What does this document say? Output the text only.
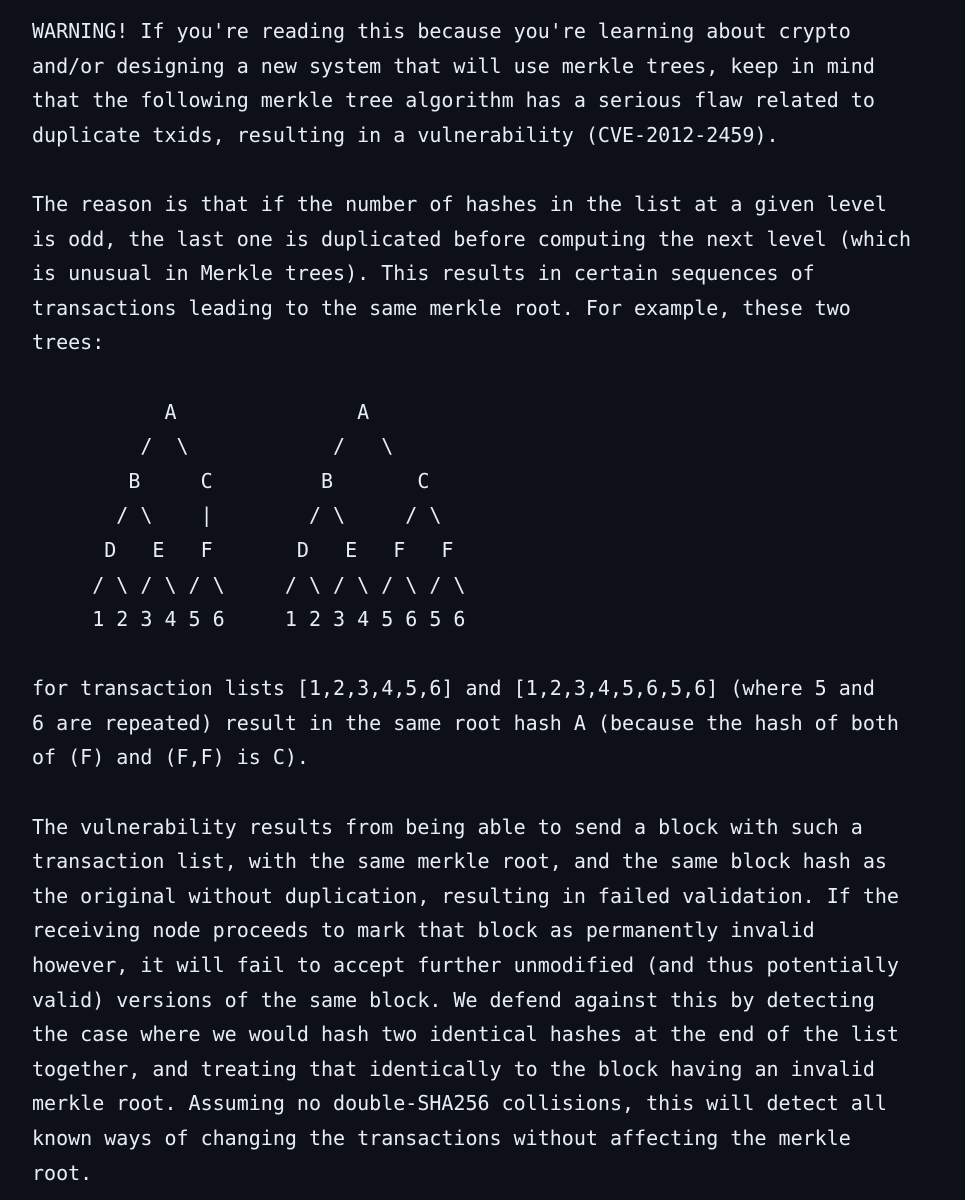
WARNING! If you're reading this because you're learning about crypto
and/or designing a new system that will use merkle trees, keep in mind
that the following merkle tree algorithm has a serious flaw related to
duplicate txids, resulting in a vulnerability (CVE-2012-2459).

The reason is that if the number of hashes in the list at a given level
is odd, the last one is duplicated before computing the next level (which
is unusual in Merkle trees). This results in certain sequences of
transactions leading to the same merkle root. For example, these two
trees:

A               A
/  \            /   \
B     C         B       C
/ \    |        / \     / \
D   E   F       D   E   F   F
/ \ / \ / \     / \ / \ / \ / \
1 2 3 4 5 6     1 2 3 4 5 6 5 6

for transaction lists [1,2,3,4,5,6] and [1,2,3,4,5,6,5,6] (where 5 and
6 are repeated) result in the same root hash A (because the hash of both
of (F) and (F,F) is C).

The vulnerability results from being able to send a block with such a
transaction list, with the same merkle root, and the same block hash as
the original without duplication, resulting in failed validation. If the
receiving node proceeds to mark that block as permanently invalid
however, it will fail to accept further unmodified (and thus potentially
valid) versions of the same block. We defend against this by detecting
the case where we would hash two identical hashes at the end of the list
together, and treating that identically to the block having an invalid
merkle root. Assuming no double-SHA256 collisions, this will detect all
known ways of changing the transactions without affecting the merkle
root.
